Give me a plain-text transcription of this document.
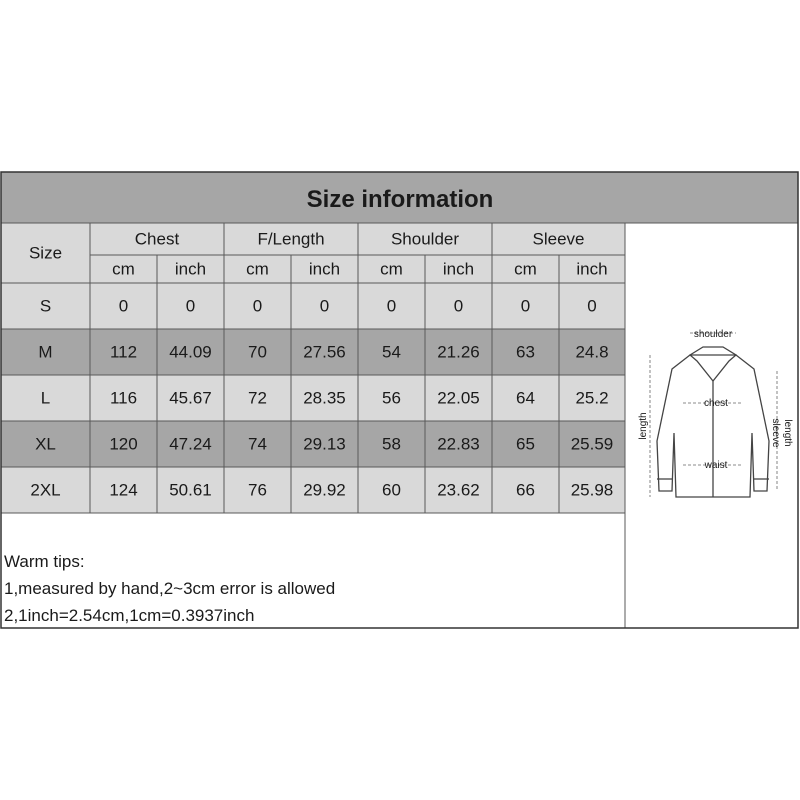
Size information
Size
Chest	F/Length	Shoulder	Sleeve
cm inch cm inch cm inch cm inch
S	0	0	0	0	0	0	0	0
M	112 44.09 70 27.56 54 21.26 63 24.8
L	116 45.67 72 28.35 56 22.05 64 25.2
XL	120 47.24 74 29.13 58 22.83 65 25.59
2XL	124 50.61 76 29.92 60 23.62 66 25.98
Warm tips:
1,measured by hand,2~3cm error is allowed
2,1inch=2.54cm,1cm=0.3937inch
shoulder
chest
waist
length	sleeve length
